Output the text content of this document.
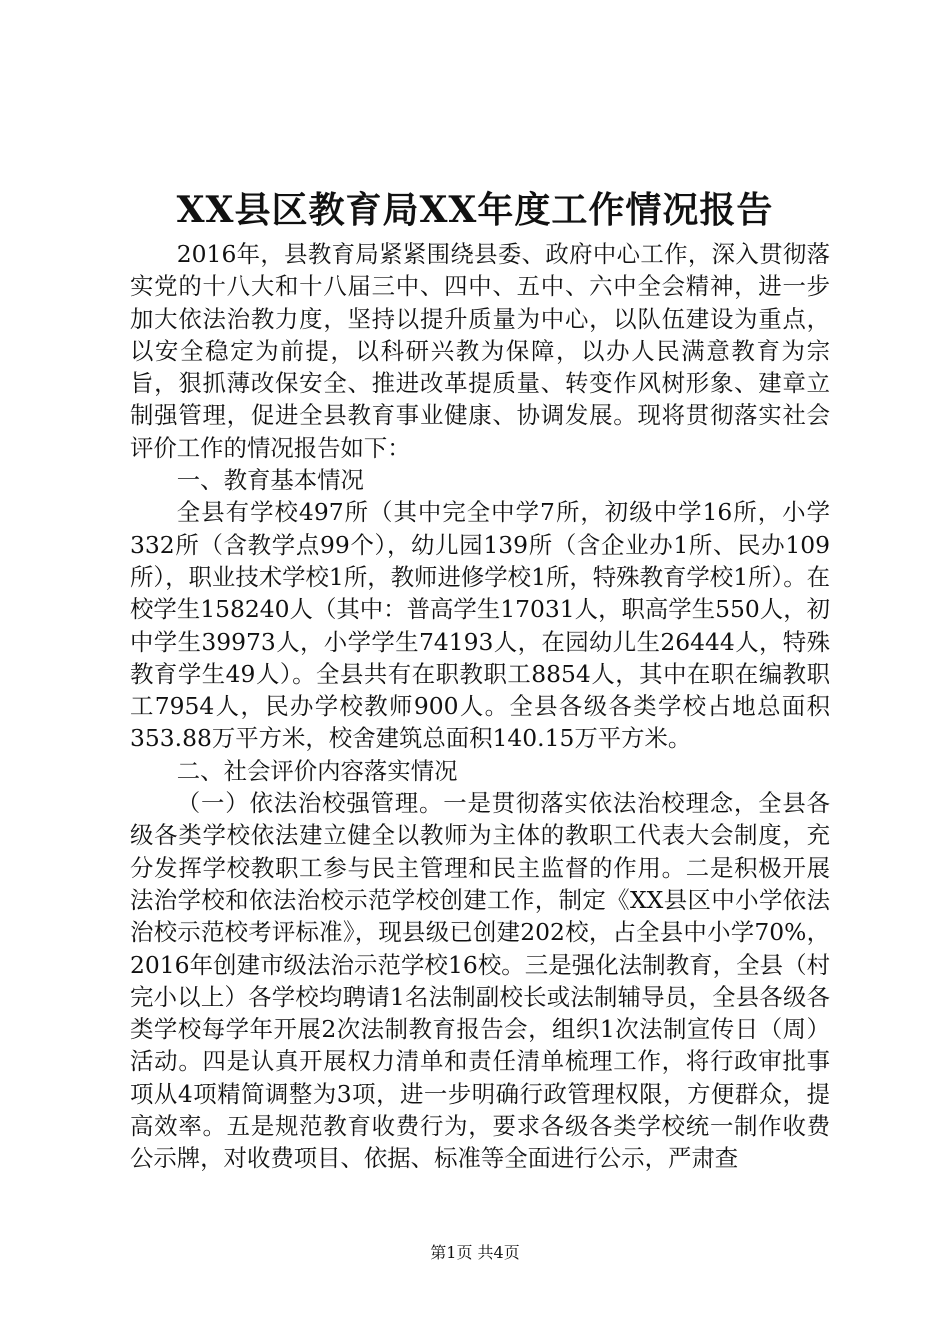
XX县区教育局XX年度工作情况报告

2016年，县教育局紧紧围绕县委、政府中心工作，深入贯彻落实党的十八大和十八届三中、四中、五中、六中全会精神，进一步加大依法治教力度，坚持以提升质量为中心，以队伍建设为重点，以安全稳定为前提，以科研兴教为保障，以办人民满意教育为宗旨，狠抓薄改保安全、推进改革提质量、转变作风树形象、建章立制强管理，促进全县教育事业健康、协调发展。现将贯彻落实社会评价工作的情况报告如下：

一、教育基本情况

全县有学校497所（其中完全中学7所，初级中学16所，小学332所（含教学点99个），幼儿园139所（含企业办1所、民办109所），职业技术学校1所，教师进修学校1所，特殊教育学校1所）。在校学生158240人（其中：普高学生17031人，职高学生550人，初中学生39973人，小学学生74193人，在园幼儿生26444人，特殊教育学生49人）。全县共有在职教职工8854人，其中在职在编教职工7954人，民办学校教师900人。全县各级各类学校占地总面积353.88万平方米，校舍建筑总面积140.15万平方米。

二、社会评价内容落实情况

（一）依法治校强管理。一是贯彻落实依法治校理念，全县各级各类学校依法建立健全以教师为主体的教职工代表大会制度，充分发挥学校教职工参与民主管理和民主监督的作用。二是积极开展法治学校和依法治校示范学校创建工作，制定《XX县区中小学依法治校示范校考评标准》，现县级已创建202校，占全县中小学70%，2016年创建市级法治示范学校16校。三是强化法制教育，全县（村完小以上）各学校均聘请1名法制副校长或法制辅导员，全县各级各类学校每学年开展2次法制教育报告会，组织1次法制宣传日（周）活动。四是认真开展权力清单和责任清单梳理工作，将行政审批事项从4项精简调整为3项，进一步明确行政管理权限，方便群众，提高效率。五是规范教育收费行为，要求各级各类学校统一制作收费公示牌，对收费项目、依据、标准等全面进行公示，严肃查

第1页 共4页
